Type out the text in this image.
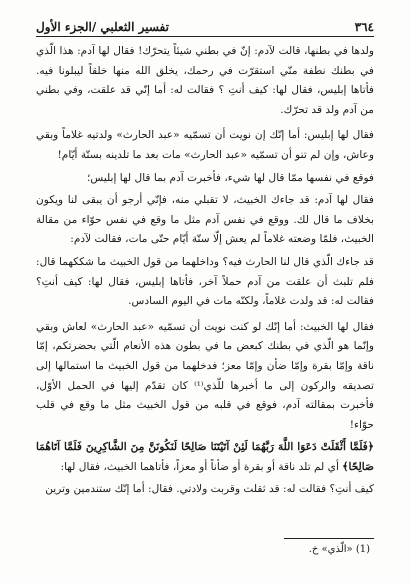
٣٦٤
تفسير الثعلبي /الجزء الأول

ولدها في بطنها، قالت لآدم: إنّ في بطني شيئاً يتحرّك! فقال لها آدم: هذا الّذي في بطنك نطفة منّي استقرّت في رحمك، يخلق الله منها خلقاً ليبلونا فيه. فأتاها إبليس، فقال لها: كيف أنتِ ؟ فقالت له: أما إنّي قد علقت، وفي بطني من آدم ولد قد تحرّك.

فقال لها إبليس: أما إنّك إن نويت أن تسمّيه «عبد الحارث» ولدتيه غلاماً وبقي وعاش، وإن لم تنو أن تسمّيه «عبد الحارث» مات بعد ما تلدينه بستّة أيّام!

فوقع في نفسها ممّا قال لها شيء، فأخبرت آدم بما قال لها إبليس؛

فقال لها آدم: قد جاءك الخبيث، لا تقبلي منه، فإنّي أرجو أن يبقى لنا ويكون بخلاف ما قال لك. ووقع في نفس آدم مثل ما وقع في نفس حوّاء من مقالة الخبيث، فلمّا وضعته غلاماً لم يعش إلّا ستّة أيّام حتّى مات، فقالت لآدم:

قد جاءك الّذي قال لنا الحارث فيه؟ وداخلهما من قول الخبيث ما شككهما قال: فلم تلبث أن علقت من آدم حملاً آخر، فأتاها إبليس، فقال لها: كيف أنتِ؟ فقالت له: قد ولدت غلاماً، ولكنّه مات في اليوم السادس.

فقال لها الخبيث: أما إنّك لو كنت نويت أن تسمّيه «عبد الحارث» لعاش وبقي وإنّما هو الّذي في بطنك كبعض ما في بطون هذه الأنعام الّتي بحضرتكم، إمّا ناقة وإمّا بقرة وإمّا ضأن وإمّا معز؛ فدخلهما من قول الخبيث ما استمالها إلى تصديقه والركون إلى ما أخبرها للّذي⁽¹⁾ كان تقدّم إليها في الحمل الأوّل، فأخبرت بمقالته آدم، فوقع في قلبه من قول الخبيث مثل ما وقع في قلب حوّاء!

﴿فَلَمَّا أَثْقَلَتْ دَعَوَا اللَّهَ رَبَّهُمَا لَئِنْ آتَيْتَنَا صَالِحًا لَنَكُونَنَّ مِنَ الشَّاكِرِينَ فَلَمَّا آتَاهُمَا صَالِحًا﴾ أي لم تلد ناقة أو بقرة أو ضأناً أو معزاً، فأتاهما الخبيث، فقال لها:

كيف أنتِ؟ فقالت له: قد ثقلت وقربت ولادتي. فقال: أما إنّك ستندمين وترين

(1) «الّذي» خ.
